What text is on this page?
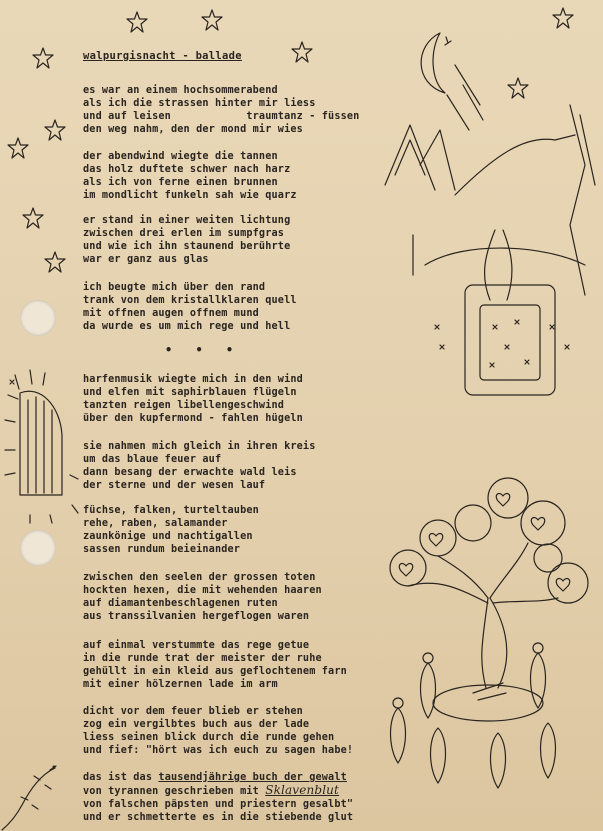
walpurgisnacht - ballade
es war an einem hochsommerabend
als ich die strassen hinter mir liess
und auf leisen            traumtanz - füssen
den weg nahm, den der mond mir wies
der abendwind wiegte die tannen
das holz duftete schwer nach harz
als ich von ferne einen brunnen
im mondlicht funkeln sah wie quarz
er stand in einer weiten lichtung
zwischen drei erlen im sumpfgras
und wie ich ihn staunend berührte
war er ganz aus glas
ich beugte mich über den rand
trank von dem kristallklaren quell
mit offnen augen offnem mund
da wurde es um mich rege und hell
• • •
harfenmusik wiegte mich in den wind
und elfen mit saphirblauen flügeln
tanzten reigen libellengeschwind
über den kupfermond - fahlen hügeln
sie nahmen mich gleich in ihren kreis
um das blaue feuer auf
dann besang der erwachte wald leis
der sterne und der wesen lauf
füchse, falken, turteltauben
rehe, raben, salamander
zaunkönige und nachtigallen
sassen rundum beieinander
zwischen den seelen der grossen toten
hockten hexen, die mit wehenden haaren
auf diamantenbeschlagenen ruten
aus transsilvanien hergeflogen waren
auf einmal verstummte das rege getue
in die runde trat der meister der ruhe
gehüllt in ein kleid aus geflochtenem farn
mit einer hölzernen lade im arm
dicht vor dem feuer blieb er stehen
zog ein vergilbtes buch aus der lade
liess seinen blick durch die runde gehen
und fief: "hört was ich euch zu sagen habe!
das ist das tausendjährige buch der gewalt
von tyrannen geschrieben mit Sklavenblut
von falschen päpsten und priestern gesalbt"
und er schmetterte es in die stiebende glut
